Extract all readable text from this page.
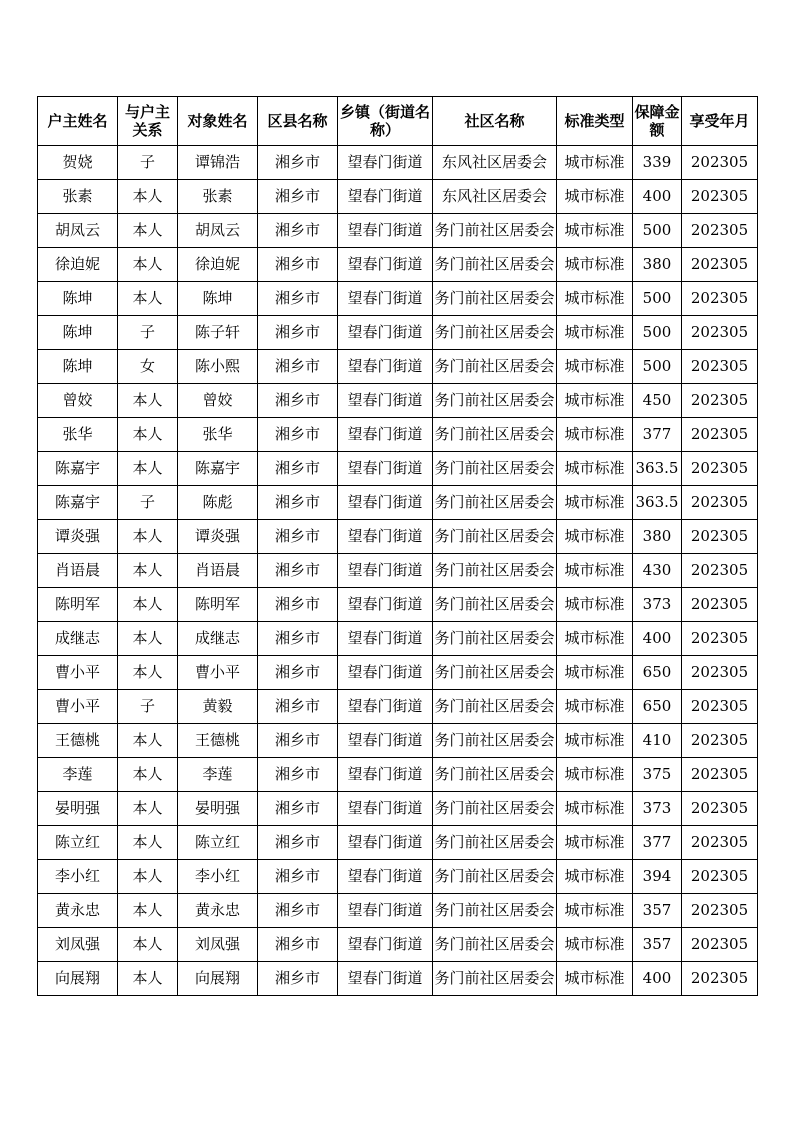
户主姓名	与户主关系	对象姓名	区县名称	乡镇（街道名称）	社区名称	标准类型	保障金额	享受年月
贺娆	子	谭锦浩	湘乡市	望春门街道	东风社区居委会	城市标准	339	202305
张素	本人	张素	湘乡市	望春门街道	东风社区居委会	城市标准	400	202305
胡凤云	本人	胡凤云	湘乡市	望春门街道	务门前社区居委会	城市标准	500	202305
徐迫妮	本人	徐迫妮	湘乡市	望春门街道	务门前社区居委会	城市标准	380	202305
陈坤	本人	陈坤	湘乡市	望春门街道	务门前社区居委会	城市标准	500	202305
陈坤	子	陈子轩	湘乡市	望春门街道	务门前社区居委会	城市标准	500	202305
陈坤	女	陈小熙	湘乡市	望春门街道	务门前社区居委会	城市标准	500	202305
曾姣	本人	曾姣	湘乡市	望春门街道	务门前社区居委会	城市标准	450	202305
张华	本人	张华	湘乡市	望春门街道	务门前社区居委会	城市标准	377	202305
陈嘉宇	本人	陈嘉宇	湘乡市	望春门街道	务门前社区居委会	城市标准	363.5	202305
陈嘉宇	子	陈彪	湘乡市	望春门街道	务门前社区居委会	城市标准	363.5	202305
谭炎强	本人	谭炎强	湘乡市	望春门街道	务门前社区居委会	城市标准	380	202305
肖语晨	本人	肖语晨	湘乡市	望春门街道	务门前社区居委会	城市标准	430	202305
陈明军	本人	陈明军	湘乡市	望春门街道	务门前社区居委会	城市标准	373	202305
成继志	本人	成继志	湘乡市	望春门街道	务门前社区居委会	城市标准	400	202305
曹小平	本人	曹小平	湘乡市	望春门街道	务门前社区居委会	城市标准	650	202305
曹小平	子	黄毅	湘乡市	望春门街道	务门前社区居委会	城市标准	650	202305
王德桃	本人	王德桃	湘乡市	望春门街道	务门前社区居委会	城市标准	410	202305
李莲	本人	李莲	湘乡市	望春门街道	务门前社区居委会	城市标准	375	202305
晏明强	本人	晏明强	湘乡市	望春门街道	务门前社区居委会	城市标准	373	202305
陈立红	本人	陈立红	湘乡市	望春门街道	务门前社区居委会	城市标准	377	202305
李小红	本人	李小红	湘乡市	望春门街道	务门前社区居委会	城市标准	394	202305
黄永忠	本人	黄永忠	湘乡市	望春门街道	务门前社区居委会	城市标准	357	202305
刘凤强	本人	刘凤强	湘乡市	望春门街道	务门前社区居委会	城市标准	357	202305
向展翔	本人	向展翔	湘乡市	望春门街道	务门前社区居委会	城市标准	400	202305
